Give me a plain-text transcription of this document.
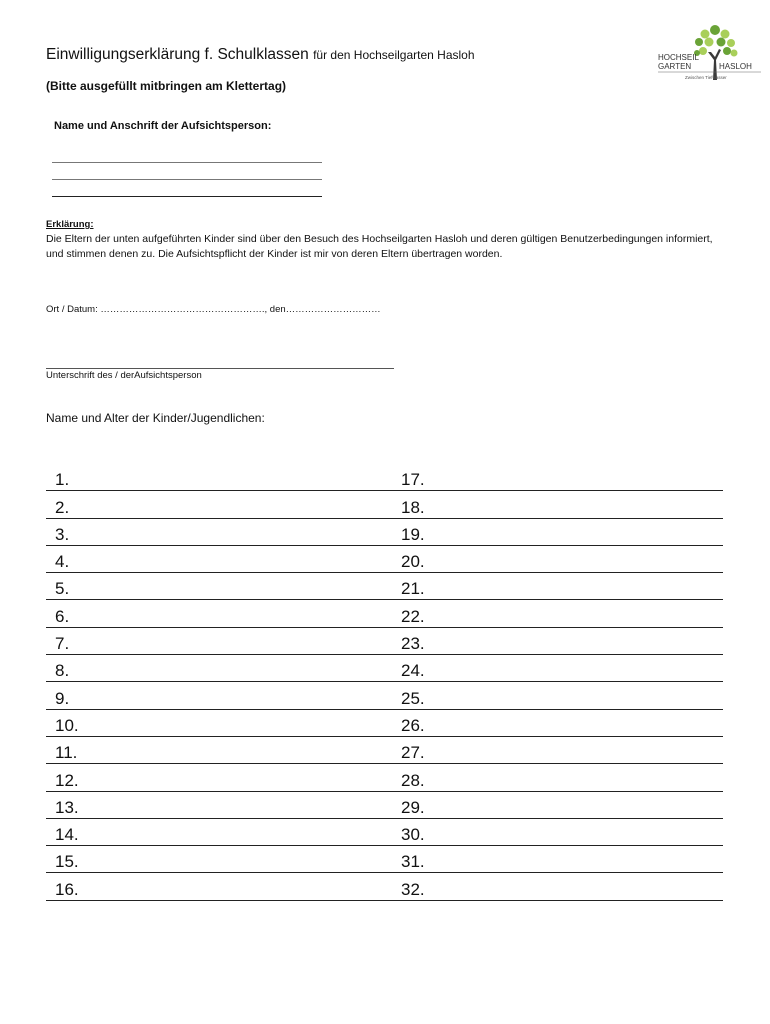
Einwilligungserklärung f. Schulklassen für den Hochseilgarten Hasloh	HOCHSEIL
GARTEN	HASLOH
Zwischen Tiefwasser
(Bitte ausgefüllt mitbringen am Klettertag)
Name und Anschrift der Aufsichtsperson:
Erklärung:
Die Eltern der unten aufgeführten Kinder sind über den Besuch des Hochseilgarten Hasloh und deren gültigen Benutzerbedingungen informiert, und stimmen denen zu. Die Aufsichtspflicht der Kinder ist mir von deren Eltern übertragen worden.
Ort / Datum: ……………………………………………., den…………………………
Unterschrift des / derAufsichtsperson
Name und Alter der Kinder/Jugendlichen:
1.	17.
2.	18.
3.	19.
4.	20.
5.	21.
6.	22.
7.	23.
8.	24.
9.	25.
10.	26.
11.	27.
12.	28.
13.	29.
14.	30.
15.	31.
16.	32.
